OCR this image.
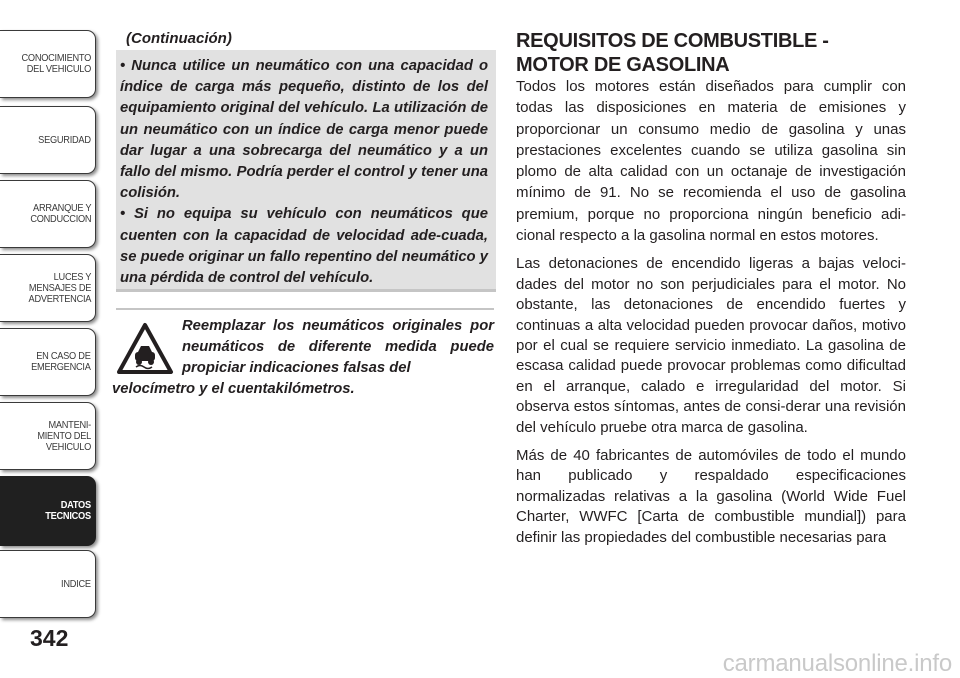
CONOCIMIENTO
DEL VEHICULO
SEGURIDAD
ARRANQUE Y
CONDUCCION
LUCES Y
MENSAJES DE
ADVERTENCIA
EN CASO DE
EMERGENCIA
MANTENI-
MIENTO DEL
VEHICULO
DATOS
TECNICOS
INDICE
342
(Continuación)

• Nunca utilice un neumático con una capacidad o índice de carga más pequeño, distinto de los del equipamiento original del vehículo. La utilización de un neumático con un índice de carga menor puede dar lugar a una sobrecarga del neumático y a un fallo del mismo. Podría perder el control y tener una colisión.

• Si no equipa su vehículo con neumáticos que cuenten con la capacidad de velocidad ade-cuada, se puede originar un fallo repentino del neumático y una pérdida de control del vehículo.

Reemplazar los neumáticos originales por neumáticos de diferente medida puede propiciar indicaciones falsas del

velocímetro y el cuentakilómetros.

REQUISITOS DE COMBUSTIBLE -
MOTOR DE GASOLINA

Todos los motores están diseñados para cumplir con todas las disposiciones en materia de emisiones y proporcionar un consumo medio de gasolina y unas prestaciones excelentes cuando se utiliza gasolina sin plomo de alta calidad con un octanaje de investigación mínimo de 91. No se recomienda el uso de gasolina premium, porque no proporciona ningún beneficio adi-cional respecto a la gasolina normal en estos motores.

Las detonaciones de encendido ligeras a bajas veloci-dades del motor no son perjudiciales para el motor. No obstante, las detonaciones de encendido fuertes y continuas a alta velocidad pueden provocar daños, motivo por el cual se requiere servicio inmediato. La gasolina de escasa calidad puede provocar problemas como dificultad en el arranque, calado e irregularidad del motor. Si observa estos síntomas, antes de consi-derar una revisión del vehículo pruebe otra marca de gasolina.

Más de 40 fabricantes de automóviles de todo el mundo han publicado y respaldado especificaciones normalizadas relativas a la gasolina (World Wide Fuel Charter, WWFC [Carta de combustible mundial]) para definir las propiedades del combustible necesarias para

carmanualsonline.info
